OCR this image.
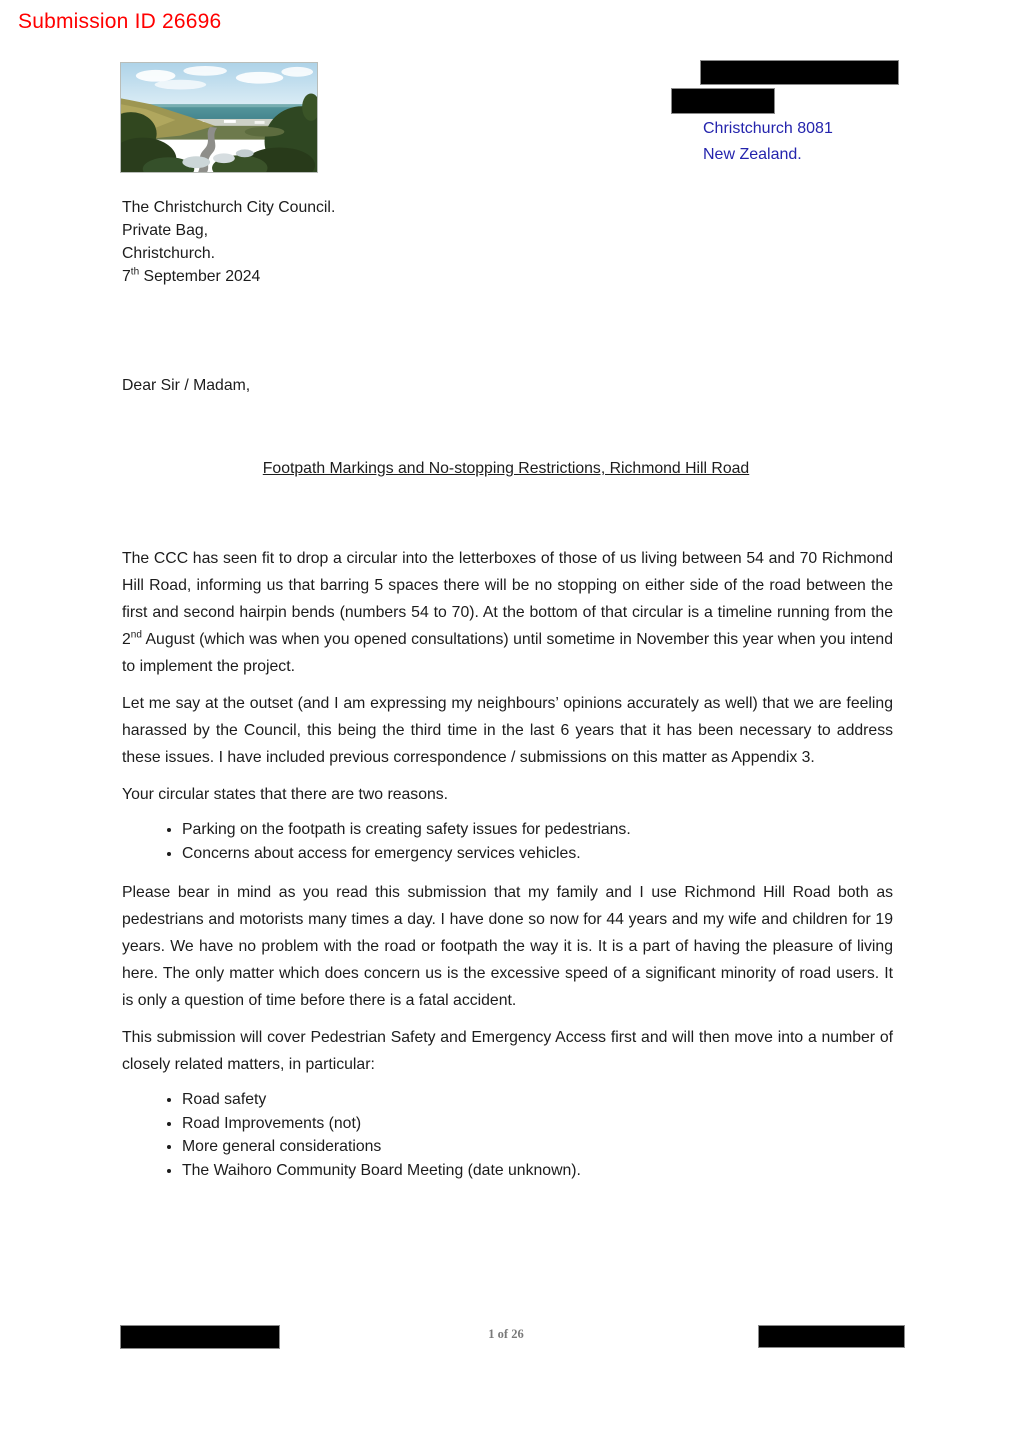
Submission ID 26696
Christchurch 8081
New Zealand.
The Christchurch City Council.
Private Bag,
Christchurch.
7th September 2024
Dear Sir / Madam,
Footpath Markings and No-stopping Restrictions, Richmond Hill Road

The CCC has seen fit to drop a circular into the letterboxes of those of us living between 54 and 70 Richmond Hill Road, informing us that barring 5 spaces there will be no stopping on either side of the road between the first and second hairpin bends (numbers 54 to 70). At the bottom of that circular is a timeline running from the 2nd August (which was when you opened consultations) until sometime in November this year when you intend to implement the project.

Let me say at the outset (and I am expressing my neighbours’ opinions accurately as well) that we are feeling harassed by the Council, this being the third time in the last 6 years that it has been necessary to address these issues. I have included previous correspondence / submissions on this matter as Appendix 3.

Your circular states that there are two reasons.

• Parking on the footpath is creating safety issues for pedestrians.
• Concerns about access for emergency services vehicles.

Please bear in mind as you read this submission that my family and I use Richmond Hill Road both as pedestrians and motorists many times a day. I have done so now for 44 years and my wife and children for 19 years. We have no problem with the road or footpath the way it is. It is a part of having the pleasure of living here. The only matter which does concern us is the excessive speed of a significant minority of road users. It is only a question of time before there is a fatal accident.

This submission will cover Pedestrian Safety and Emergency Access first and will then move into a number of closely related matters, in particular:

• Road safety
• Road Improvements (not)
• More general considerations
• The Waihoro Community Board Meeting (date unknown).
1 of 26
